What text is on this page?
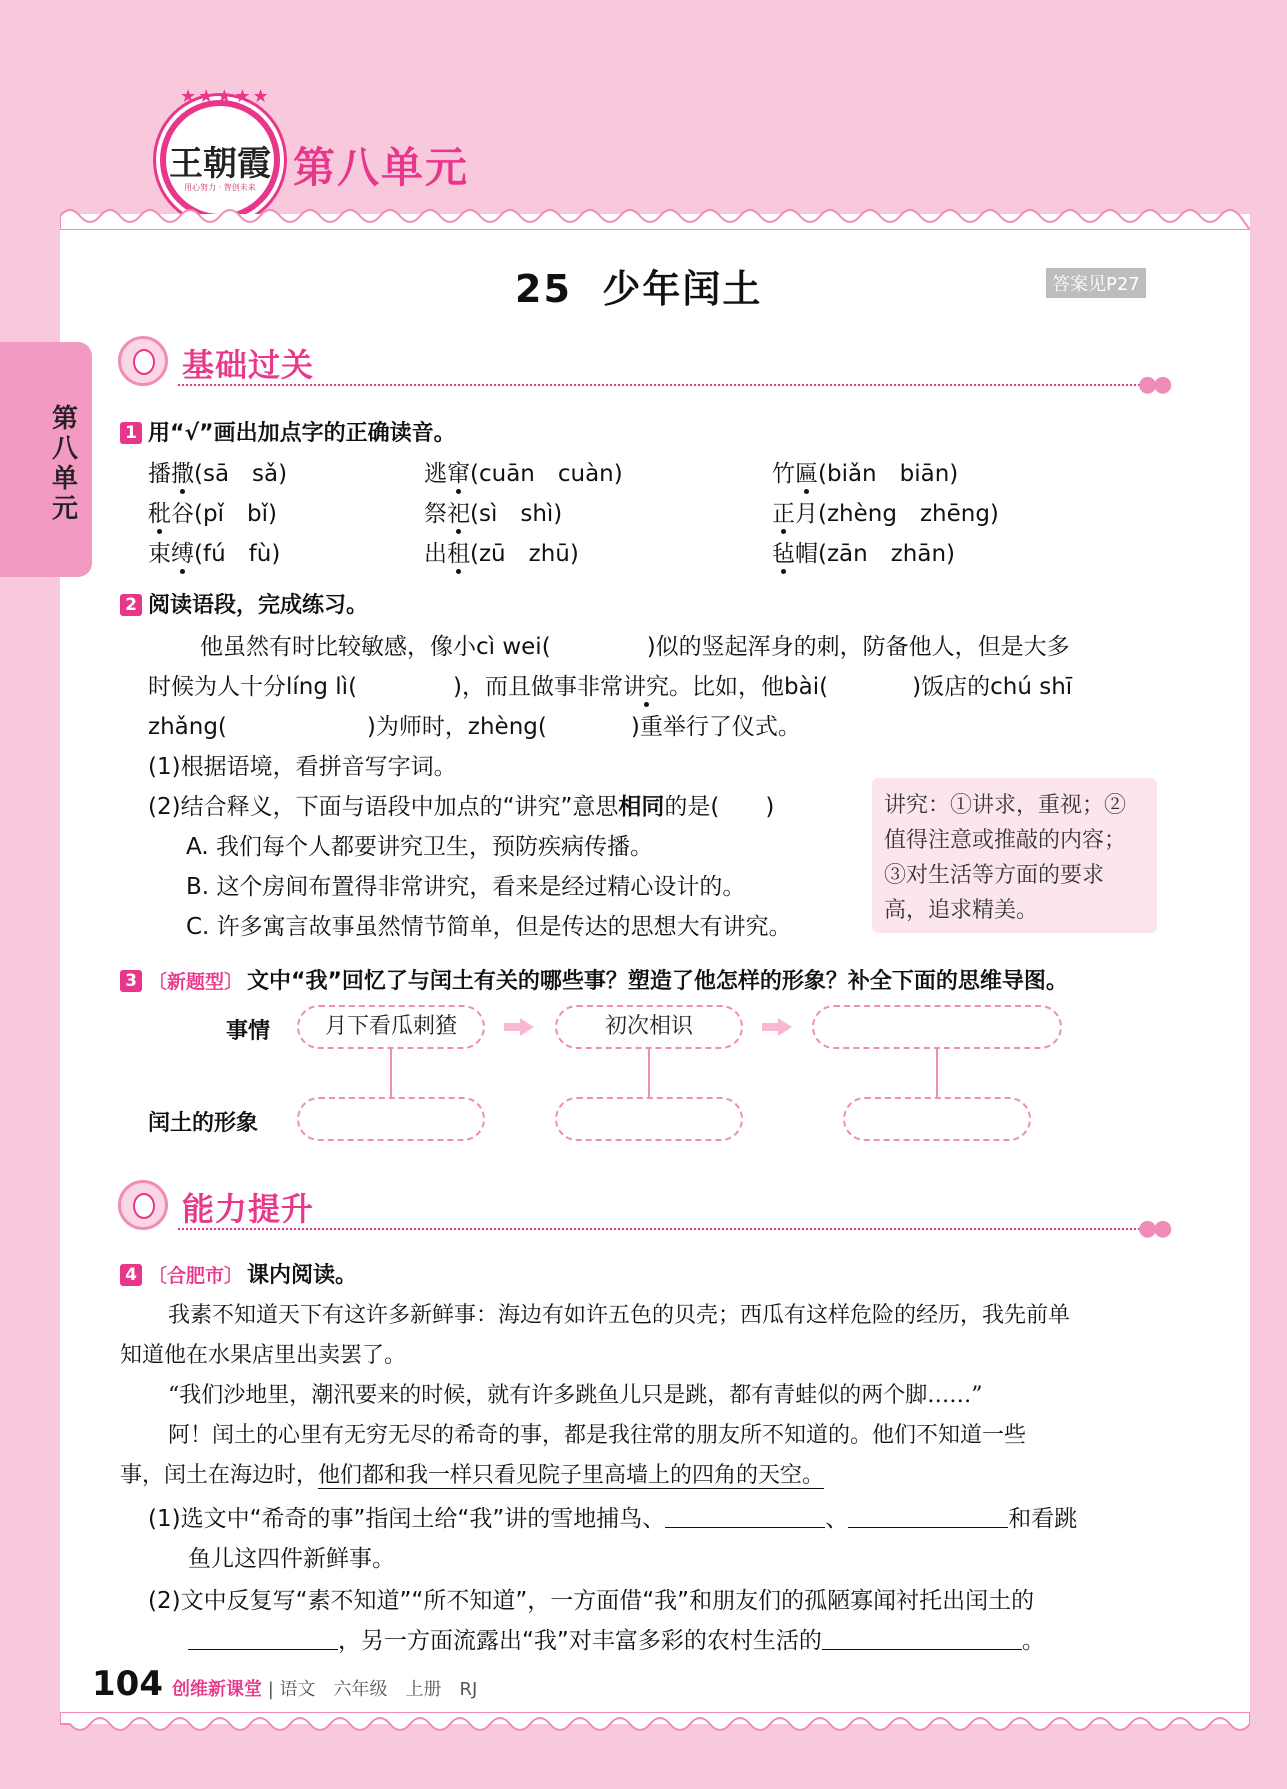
★★★★★
王朝霞
用心努力 · 智创未来 第八单元
第八单元
25  少年闰土	答案见P27
基础过关
●●
1 用“√”画出加点字的正确读音。
播撒(sā　sǎ)	逃窜(cuān　cuàn)	竹匾(biǎn　biān)
秕谷(pǐ　bǐ)	祭祀(sì　shì)	正月(zhèng　zhēng)
束缚(fú　fù)	出租(zū　zhū)	毡帽(zān　zhān)
2 阅读语段，完成练习。
他虽然有时比较敏感，像小cì wei(	)似的竖起浑身的刺，防备他人，但是大多
时候为人十分líng lì(	)，而且做事非常讲究。比如，他bài(	)饭店的chú shī
zhǎng(	)为师时，zhèng(	)重举行了仪式。
(1)根据语境，看拼音写字词。
(2)结合释义，下面与语段中加点的“讲究”意思相同的是(　　)
A. 我们每个人都要讲究卫生，预防疾病传播。
B. 这个房间布置得非常讲究，看来是经过精心设计的。
C. 许多寓言故事虽然情节简单，但是传达的思想大有讲究。
讲究：①讲求，重视；②值得注意或推敲的内容；③对生活等方面的要求高，追求精美。
3 〔新题型〕 文中“我”回忆了与闰土有关的哪些事？塑造了他怎样的形象？补全下面的思维导图。
事情
闰土的形象
月下看瓜刺猹	初次相识
能力提升
●●
4 〔合肥市〕 课内阅读。
我素不知道天下有这许多新鲜事：海边有如许五色的贝壳；西瓜有这样危险的经历，我先前单
知道他在水果店里出卖罢了。
“我们沙地里，潮汛要来的时候，就有许多跳鱼儿只是跳，都有青蛙似的两个脚……”
阿！闰土的心里有无穷无尽的希奇的事，都是我往常的朋友所不知道的。他们不知道一些
事，闰土在海边时，他们都和我一样只看见院子里高墙上的四角的天空。
(1)选文中“希奇的事”指闰土给“我”讲的雪地捕鸟、	、	和看跳
鱼儿这四件新鲜事。
(2)文中反复写“素不知道”“所不知道”，一方面借“我”和朋友们的孤陋寡闻衬托出闰土的
，另一方面流露出“我”对丰富多彩的农村生活的	。
104 创维新课堂 | 语文　六年级　上册　RJ
